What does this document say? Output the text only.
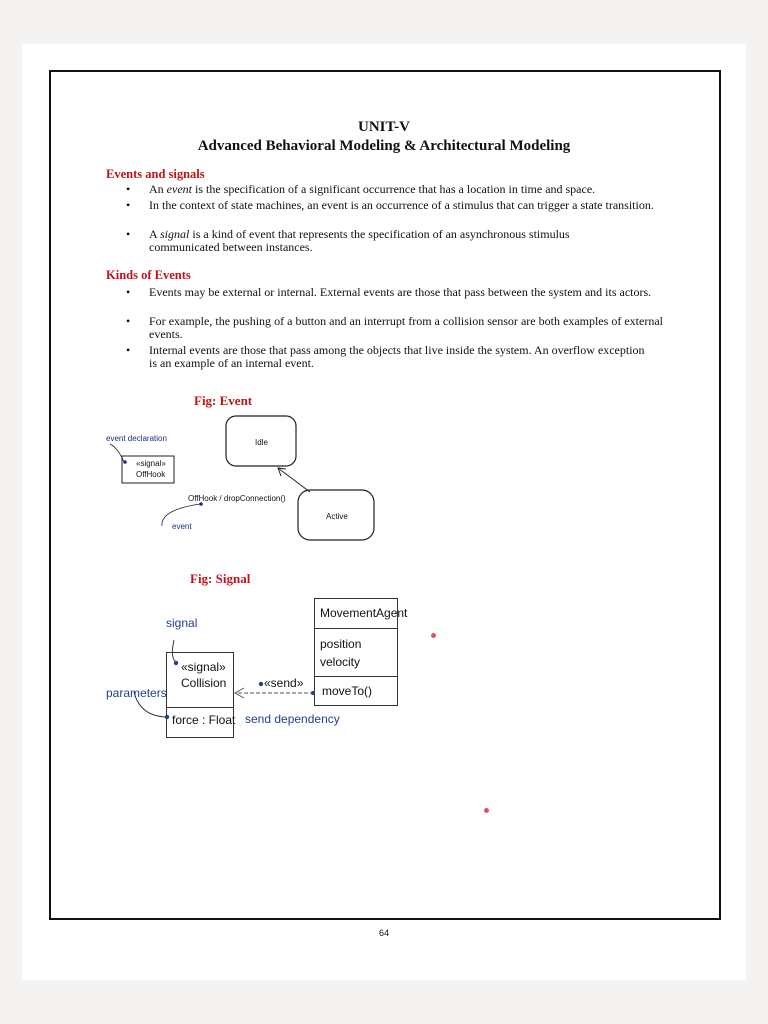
UNIT-V
Advanced Behavioral Modeling & Architectural Modeling
Events and signals
• An event is the specification of a significant occurrence that has a location in time and space.
• In the context of state machines, an event is an occurrence of a stimulus that can trigger a state transition.
• A signal is a kind of event that represents the specification of an asynchronous stimulus communicated between instances.
Kinds of Events
• Events may be external or internal. External events are those that pass between the system and its actors.
• For example, the pushing of a button and an interrupt from a collision sensor are both examples of external events.
• Internal events are those that pass among the objects that live inside the system. An overflow exception is an example of an internal event.
Fig: Event
event declaration
«signal»
OffHook
Idle
Active
OffHook / dropConnection()
event
Fig: Signal
signal
parameters
«signal»
Collision
force : Float
«send»
send dependency
MovementAgent
position
velocity
moveTo()
64
